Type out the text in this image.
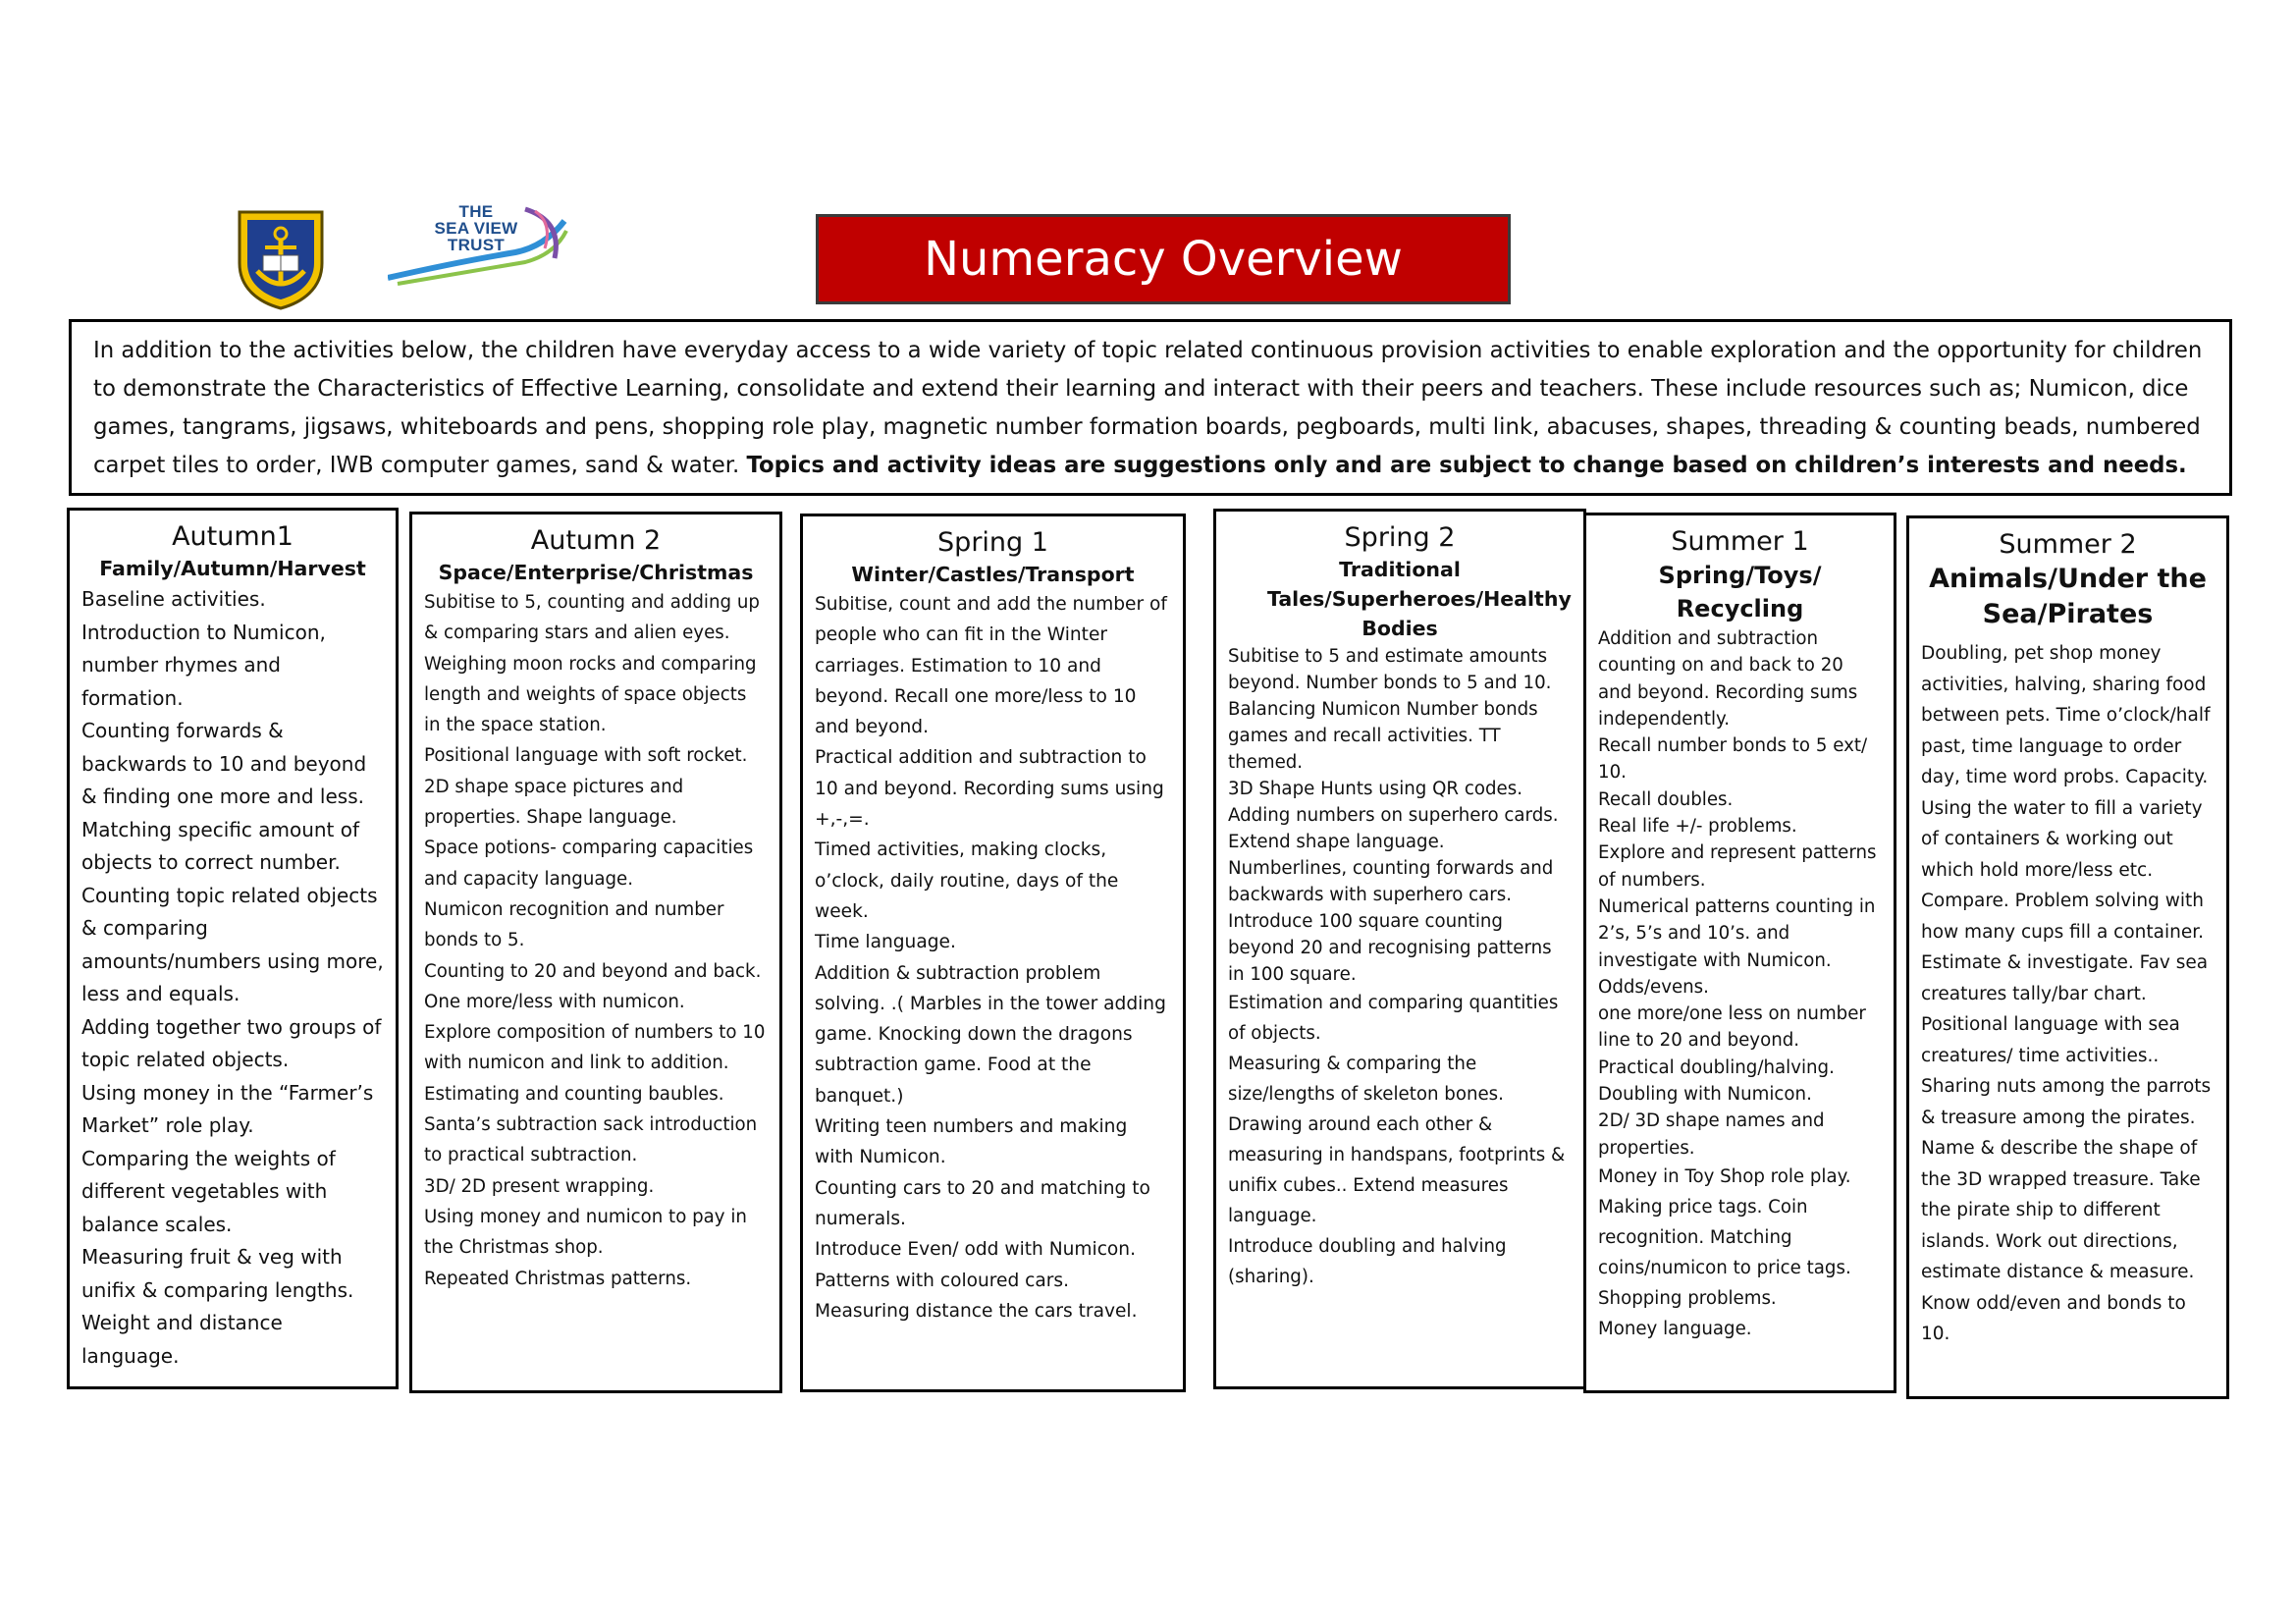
THE
SEA VIEW
TRUST	Numeracy Overview
In addition to the activities below, the children have everyday access to a wide variety of topic related continuous provision activities to enable exploration and the opportunity for children to demonstrate the Characteristics of Effective Learning, consolidate and extend their learning and interact with their peers and teachers. These include resources such as; Numicon, dice games, tangrams, jigsaws, whiteboards and pens, shopping role play, magnetic number formation boards, pegboards, multi link, abacuses, shapes, threading & counting beads, numbered carpet tiles to order, IWB computer games, sand & water. Topics and activity ideas are suggestions only and are subject to change based on children’s interests and needs.
Autumn1
Family/Autumn/Harvest

Baseline activities.

Introduction to Numicon, number rhymes and formation.

Counting forwards & backwards to 10 and beyond & finding one more and less.

Matching specific amount of objects to correct number.

Counting topic related objects & comparing amounts/numbers using more, less and equals.

Adding together two groups of topic related objects.

Using money in the “Farmer’s Market” role play.

Comparing the weights of different vegetables with balance scales.

Measuring fruit & veg with unifix & comparing lengths.

Weight and distance language.

Autumn 2
Space/Enterprise/Christmas

Subitise to 5, counting and adding up & comparing stars and alien eyes.

Weighing moon rocks and comparing length and weights of space objects in the space station.

Positional language with soft rocket.

2D shape space pictures and properties. Shape language.

Space potions- comparing capacities and capacity language.

Numicon recognition and number bonds to 5.

Counting to 20 and beyond and back.

One more/less with numicon.

Explore composition of numbers to 10 with numicon and link to addition.

Estimating and counting baubles.

Santa’s subtraction sack introduction to practical subtraction.

3D/ 2D present wrapping.

Using money and numicon to pay in the Christmas shop.

Repeated Christmas patterns.

Spring 1
Winter/Castles/Transport

Subitise, count and add the number of people who can fit in the Winter carriages. Estimation to 10 and beyond. Recall one more/less to 10 and beyond.

Practical addition and subtraction to 10 and beyond. Recording sums using +,-,=.

Timed activities, making clocks, o’clock, daily routine, days of the week.

Time language.

Addition & subtraction problem solving. .( Marbles in the tower adding game. Knocking down the dragons subtraction game. Food at the banquet.)

Writing teen numbers and making with Numicon.

Counting cars to 20 and matching to numerals.

Introduce Even/ odd with Numicon.

Patterns with coloured cars.

Measuring distance the cars travel.

Spring 2
Traditional Tales/Superheroes/Healthy Bodies

Subitise to 5 and estimate amounts beyond. Number bonds to 5 and 10.

Balancing Numicon Number bonds games and recall activities. TT themed.

3D Shape Hunts using QR codes.

Adding numbers on superhero cards. Extend shape language.

Numberlines, counting forwards and backwards with superhero cars.

Introduce 100 square counting beyond 20 and recognising patterns in 100 square.

Estimation and comparing quantities of objects.

Measuring & comparing the size/lengths of skeleton bones.

Drawing around each other & measuring in handspans, footprints & unifix cubes.. Extend measures language.

Introduce doubling and halving (sharing).

Summer 1
Spring/Toys/ Recycling

Addition and subtraction counting on and back to 20 and beyond. Recording sums independently.

Recall number bonds to 5 ext/ 10.

Recall doubles.

Real life +/- problems.

Explore and represent patterns of numbers.

Numerical patterns counting in 2’s, 5’s and 10’s. and investigate with Numicon.

Odds/evens.

one more/one less on number line to 20 and beyond.

Practical doubling/halving.

Doubling with Numicon.

2D/ 3D shape names and properties.

Money in Toy Shop role play.

Making price tags. Coin recognition. Matching coins/numicon to price tags.

Shopping problems.

Money language.

Summer 2
Animals/Under the Sea/Pirates

Doubling, pet shop money activities, halving, sharing food between pets. Time o’clock/half past, time language to order day, time word probs. Capacity. Using the water to fill a variety of containers & working out which hold more/less etc. Compare. Problem solving with how many cups fill a container. Estimate & investigate. Fav sea creatures tally/bar chart. Positional language with sea creatures/ time activities.. Sharing nuts among the parrots & treasure among the pirates. Name & describe the shape of the 3D wrapped treasure. Take the pirate ship to different islands. Work out directions, estimate distance & measure. Know odd/even and bonds to 10.
